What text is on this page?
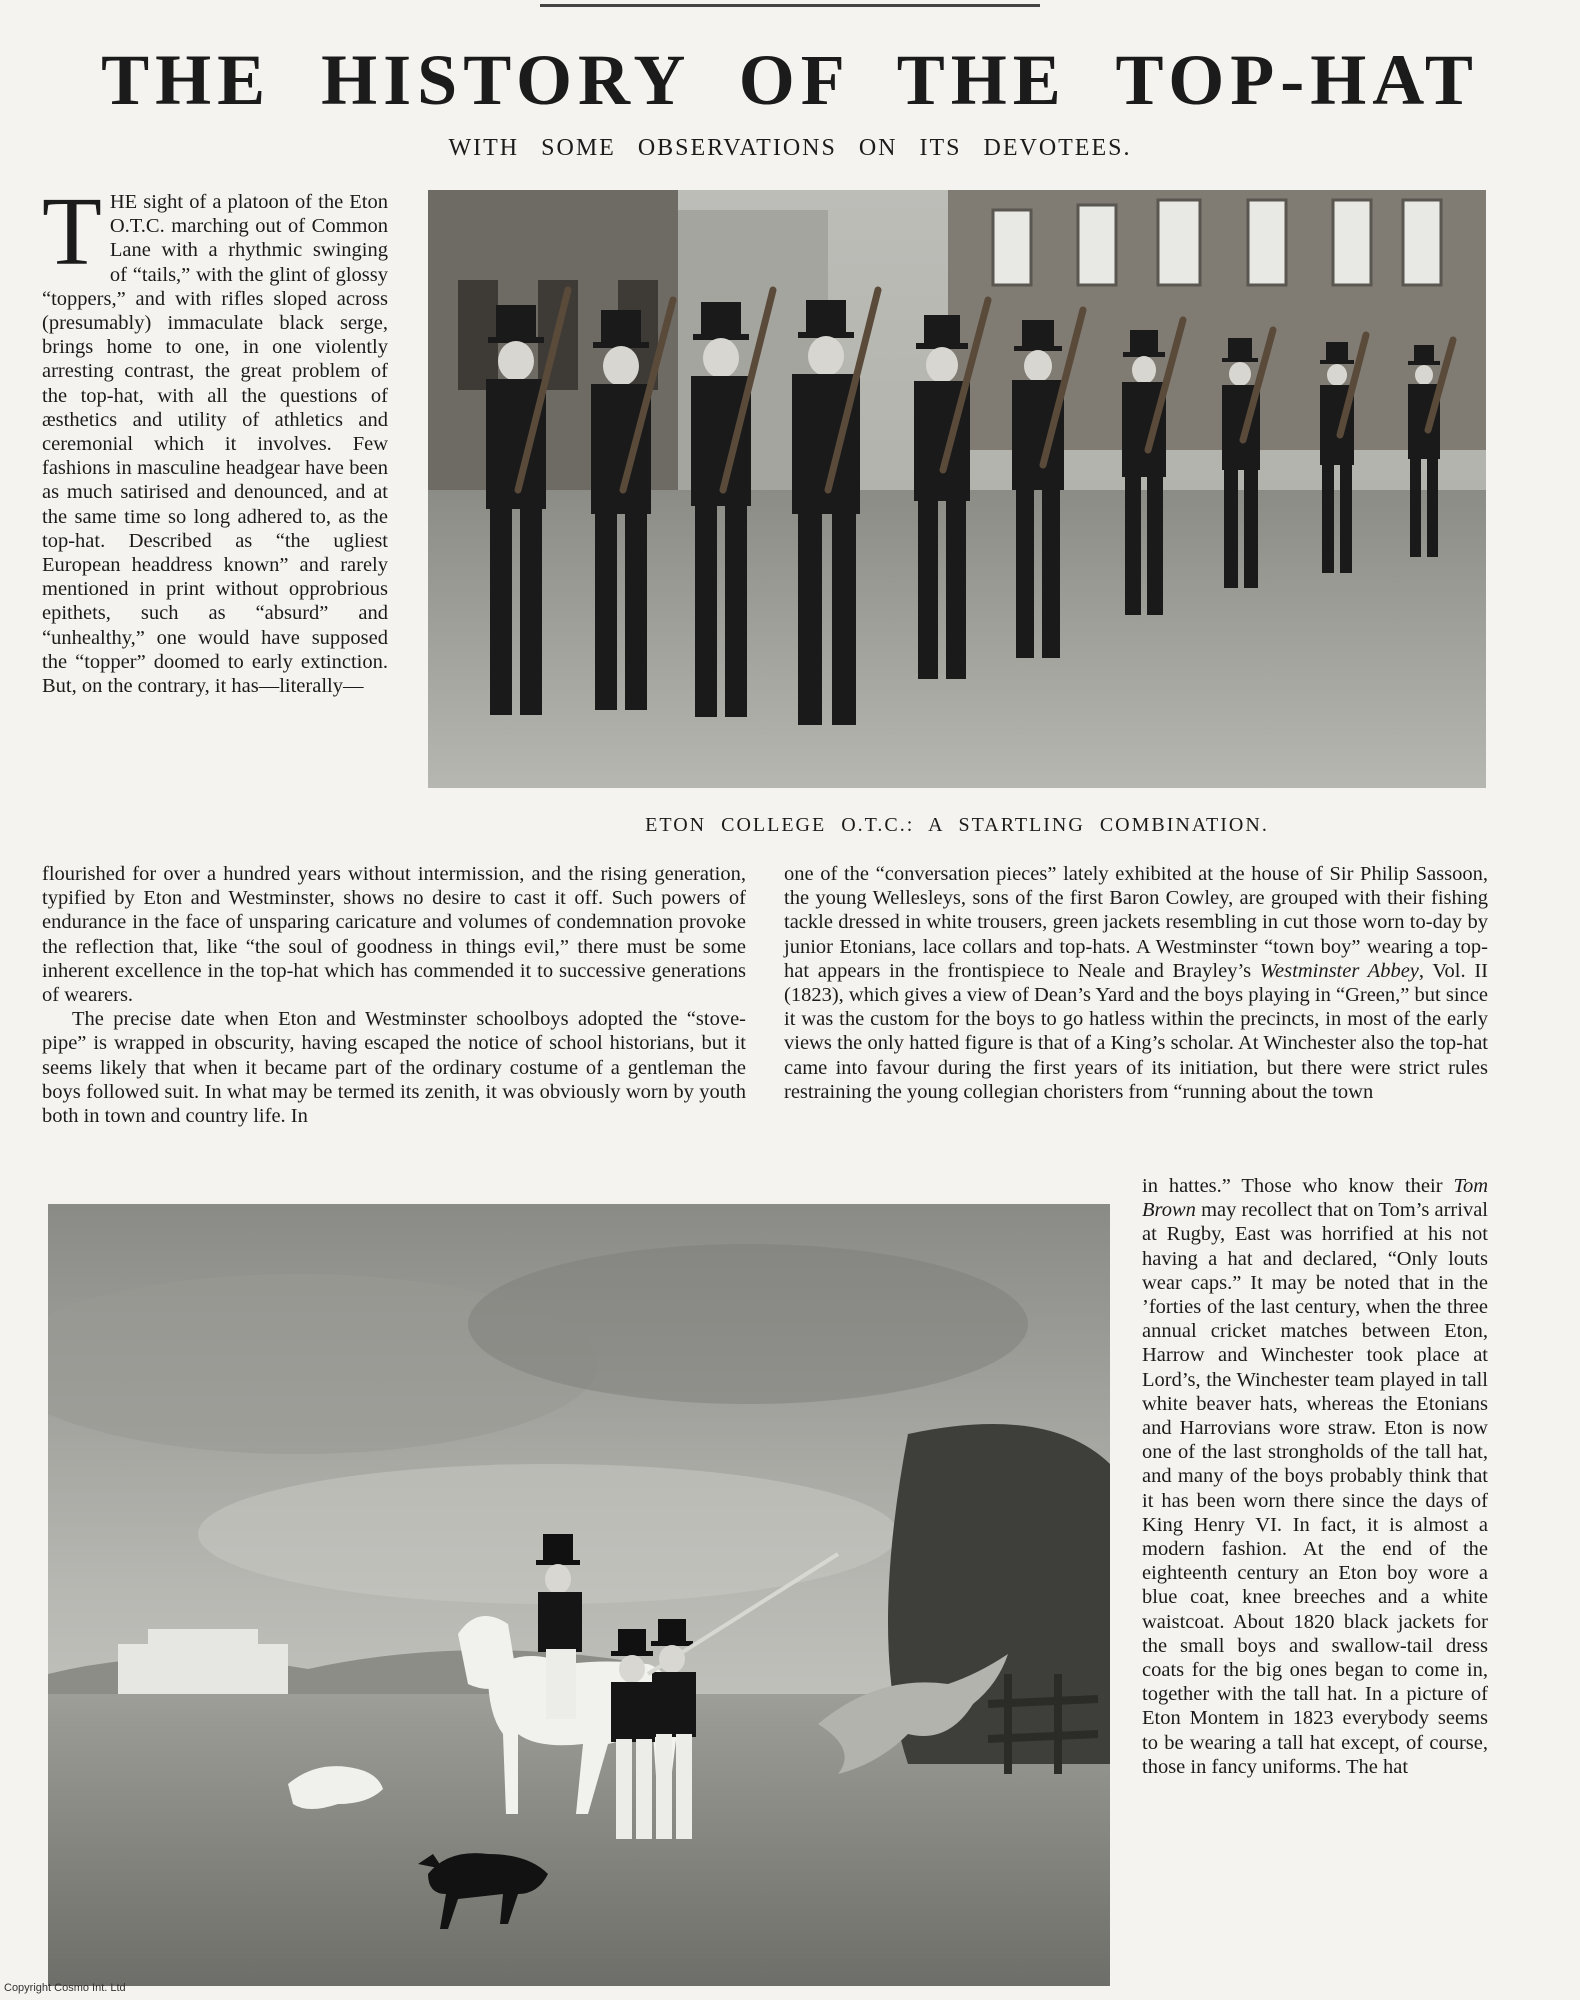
THE HISTORY OF THE TOP-HAT
WITH SOME OBSERVATIONS ON ITS DEVOTEES.

THE sight of a platoon of the Eton O.T.C. marching out of Common Lane with a rhythmic swinging of “tails,” with the glint of glossy “toppers,” and with rifles sloped across (presumably) immaculate black serge, brings home to one, in one violently arresting contrast, the great problem of the top-hat, with all the questions of æsthetics and utility of athletics and ceremonial which it involves. Few fashions in masculine headgear have been as much satirised and denounced, and at the same time so long adhered to, as the top-hat. Described as “the ugliest European headdress known” and rarely mentioned in print without opprobrious epithets, such as “absurd” and “unhealthy,” one would have supposed the “topper” doomed to early extinction. But, on the contrary, it has—literally—

ETON COLLEGE O.T.C.: A STARTLING COMBINATION.

flourished for over a hundred years without intermission, and the rising generation, typified by Eton and Westminster, shows no desire to cast it off. Such powers of endurance in the face of unsparing caricature and volumes of condemnation provoke the reflection that, like “the soul of goodness in things evil,” there must be some inherent excellence in the top-hat which has commended it to successive generations of wearers.

The precise date when Eton and Westminster schoolboys adopted the “stove-pipe” is wrapped in obscurity, having escaped the notice of school historians, but it seems likely that when it became part of the ordinary costume of a gentleman the boys followed suit. In what may be termed its zenith, it was obviously worn by youth both in town and country life. In

one of the “conversation pieces” lately exhibited at the house of Sir Philip Sassoon, the young Wellesleys, sons of the first Baron Cowley, are grouped with their fishing tackle dressed in white trousers, green jackets resembling in cut those worn to-day by junior Etonians, lace collars and top-hats. A Westminster “town boy” wearing a top-hat appears in the frontispiece to Neale and Brayley’s Westminster Abbey, Vol. II (1823), which gives a view of Dean’s Yard and the boys playing in “Green,” but since it was the custom for the boys to go hatless within the precincts, in most of the early views the only hatted figure is that of a King’s scholar. At Winchester also the top-hat came into favour during the first years of its initiation, but there were strict rules restraining the young collegian choristers from “running about the town

in hattes.” Those who know their Tom Brown may recollect that on Tom’s arrival at Rugby, East was horrified at his not having a hat and declared, “Only louts wear caps.” It may be noted that in the ’forties of the last century, when the three annual cricket matches between Eton, Harrow and Winchester took place at Lord’s, the Winchester team played in tall white beaver hats, whereas the Etonians and Harrovians wore straw. Eton is now one of the last strongholds of the tall hat, and many of the boys probably think that it has been worn there since the days of King Henry VI. In fact, it is almost a modern fashion. At the end of the eighteenth century an Eton boy wore a blue coat, knee breeches and a white waistcoat. About 1820 black jackets for the small boys and swallow-tail dress coats for the big ones began to come in, together with the tall hat. In a picture of Eton Montem in 1823 everybody seems to be wearing a tall hat except, of course, those in fancy uniforms. The hat

Copyright Cosmo Int. Ltd
